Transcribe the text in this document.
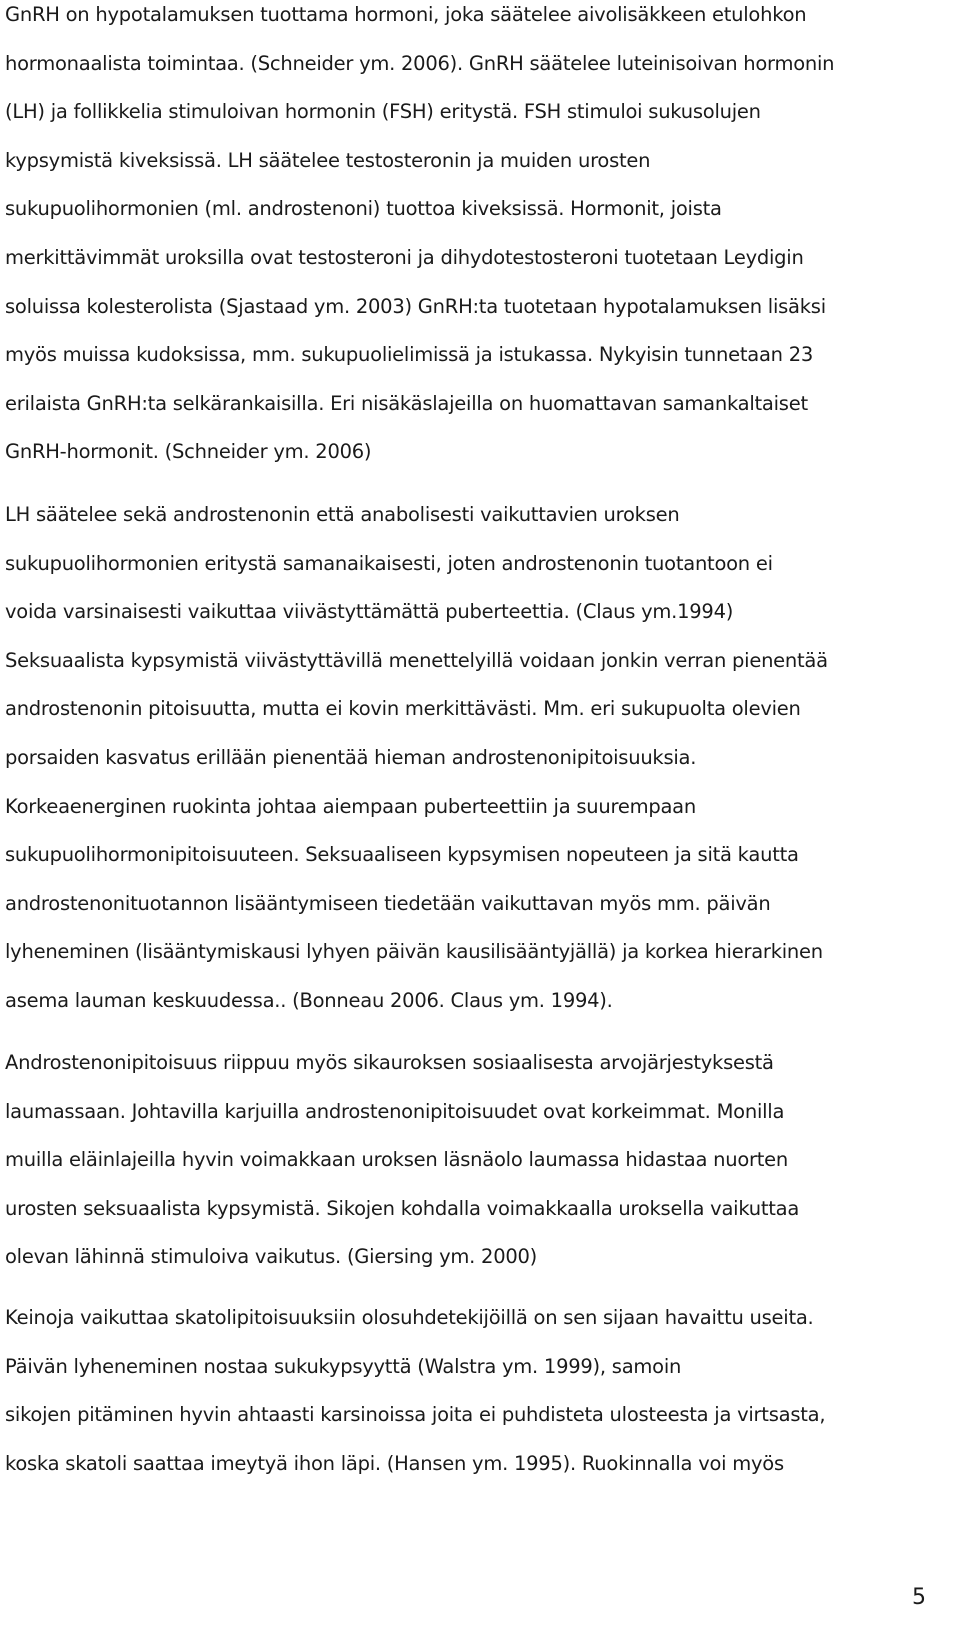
GnRH on hypotalamuksen tuottama hormoni, joka säätelee aivolisäkkeen etulohkon
hormonaalista toimintaa. (Schneider ym. 2006). GnRH säätelee luteinisoivan hormonin
(LH) ja follikkelia stimuloivan hormonin (FSH) eritystä. FSH stimuloi sukusolujen
kypsymistä kiveksissä. LH säätelee testosteronin ja muiden urosten
sukupuolihormonien (ml. androstenoni) tuottoa kiveksissä. Hormonit, joista
merkittävimmät uroksilla ovat testosteroni ja dihydotestosteroni tuotetaan Leydigin
soluissa kolesterolista (Sjastaad ym. 2003) GnRH:ta tuotetaan hypotalamuksen lisäksi
myös muissa kudoksissa, mm. sukupuolielimissä ja istukassa. Nykyisin tunnetaan 23
erilaista GnRH:ta selkärankaisilla. Eri nisäkäslajeilla on huomattavan samankaltaiset
GnRH-hormonit. (Schneider ym. 2006)
LH säätelee sekä androstenonin että anabolisesti vaikuttavien uroksen
sukupuolihormonien eritystä samanaikaisesti, joten androstenonin tuotantoon ei
voida varsinaisesti vaikuttaa viivästyttämättä puberteettia. (Claus ym.1994)
Seksuaalista kypsymistä viivästyttävillä menettelyillä voidaan jonkin verran pienentää
androstenonin pitoisuutta, mutta ei kovin merkittävästi. Mm. eri sukupuolta olevien
porsaiden kasvatus erillään pienentää hieman androstenonipitoisuuksia.
Korkeaenerginen ruokinta johtaa aiempaan puberteettiin ja suurempaan
sukupuolihormonipitoisuuteen. Seksuaaliseen kypsymisen nopeuteen ja sitä kautta
androstenonituotannon lisääntymiseen tiedetään vaikuttavan myös mm. päivän
lyheneminen (lisääntymiskausi lyhyen päivän kausilisääntyjällä) ja korkea hierarkinen
asema lauman keskuudessa.. (Bonneau 2006. Claus ym. 1994).
Androstenonipitoisuus riippuu myös sikauroksen sosiaalisesta arvojärjestyksestä
laumassaan. Johtavilla karjuilla androstenonipitoisuudet ovat korkeimmat. Monilla
muilla eläinlajeilla hyvin voimakkaan uroksen läsnäolo laumassa hidastaa nuorten
urosten seksuaalista kypsymistä. Sikojen kohdalla voimakkaalla uroksella vaikuttaa
olevan lähinnä stimuloiva vaikutus. (Giersing ym. 2000)
Keinoja vaikuttaa skatolipitoisuuksiin olosuhdetekijöillä on sen sijaan havaittu useita.
Päivän lyheneminen nostaa sukukypsyyttä (Walstra ym. 1999), samoin
sikojen pitäminen hyvin ahtaasti karsinoissa joita ei puhdisteta ulosteesta ja virtsasta,
koska skatoli saattaa imeytyä ihon läpi. (Hansen ym. 1995). Ruokinnalla voi myös
5
